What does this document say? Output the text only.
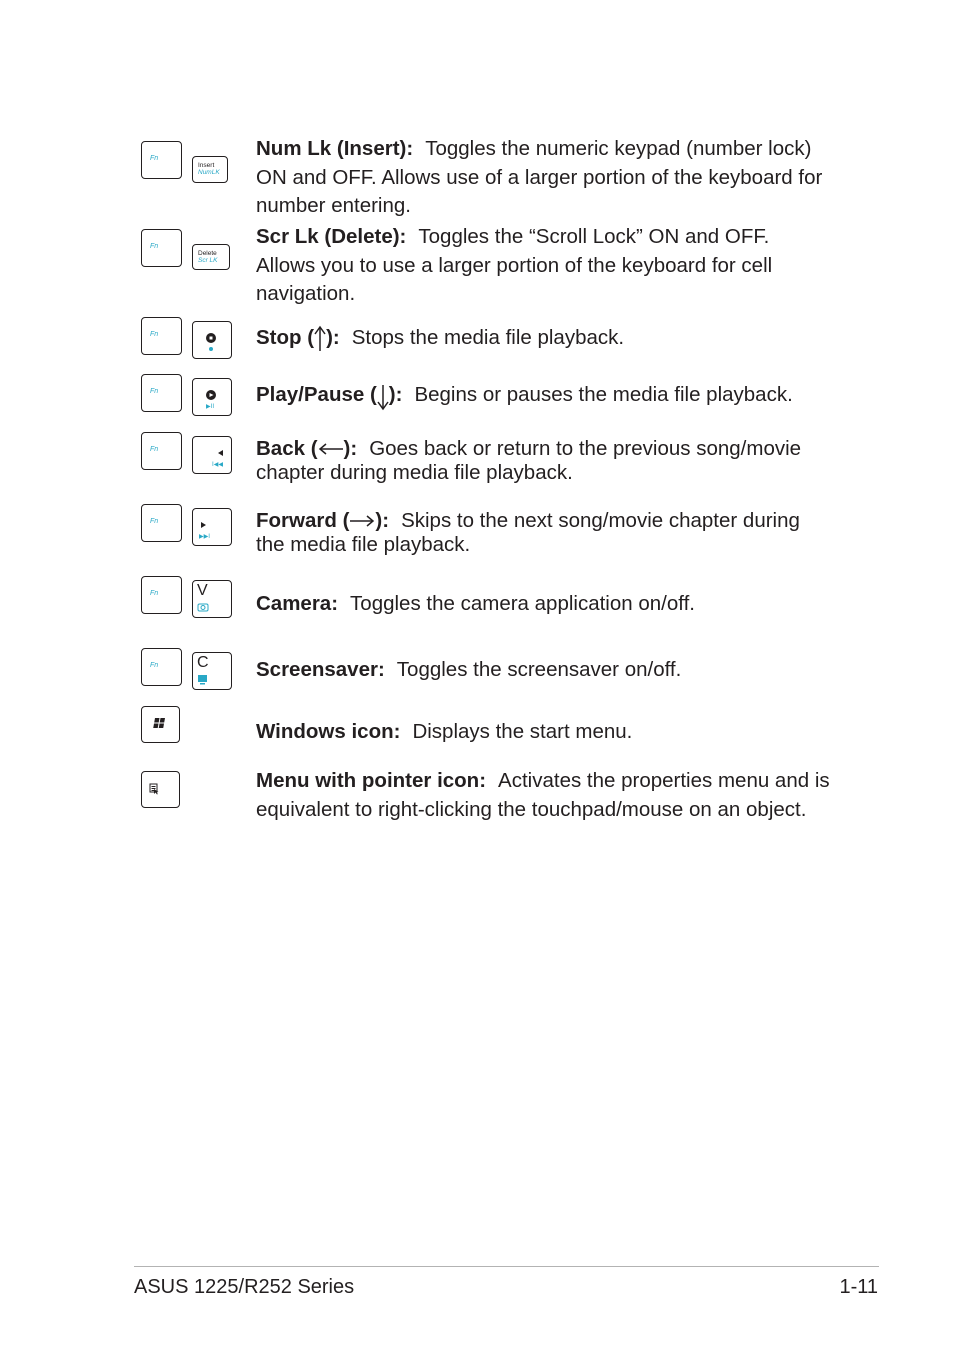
Fn
Insert
NumLK
Num Lk (Insert): Toggles the numeric keypad (number lock) ON and OFF. Allows use of a larger portion of the keyboard for number entering.
Fn
Delete
Scr LK
Scr Lk (Delete): Toggles the “Scroll Lock” ON and OFF. Allows you to use a larger portion of the keyboard for cell navigation.
Fn	Stop ( ): Stops the media file playback.
Fn
▶II
Play/Pause ( ): Begins or pauses the media file playback.
Fn
I◀◀
Back ( ): Goes back or return to the previous song/movie chapter during media file playback.
Fn
▶▶I
Forward ( ): Skips to the next song/movie chapter during the media file playback.
Fn V
Camera: Toggles the camera application on/off.
Fn C Screensaver: Toggles the screensaver on/off.
Windows icon: Displays the start menu.
Menu with pointer icon: Activates the properties menu and is equivalent to right-clicking the touchpad/mouse on an object.
ASUS 1225/R252 Series	1-11
